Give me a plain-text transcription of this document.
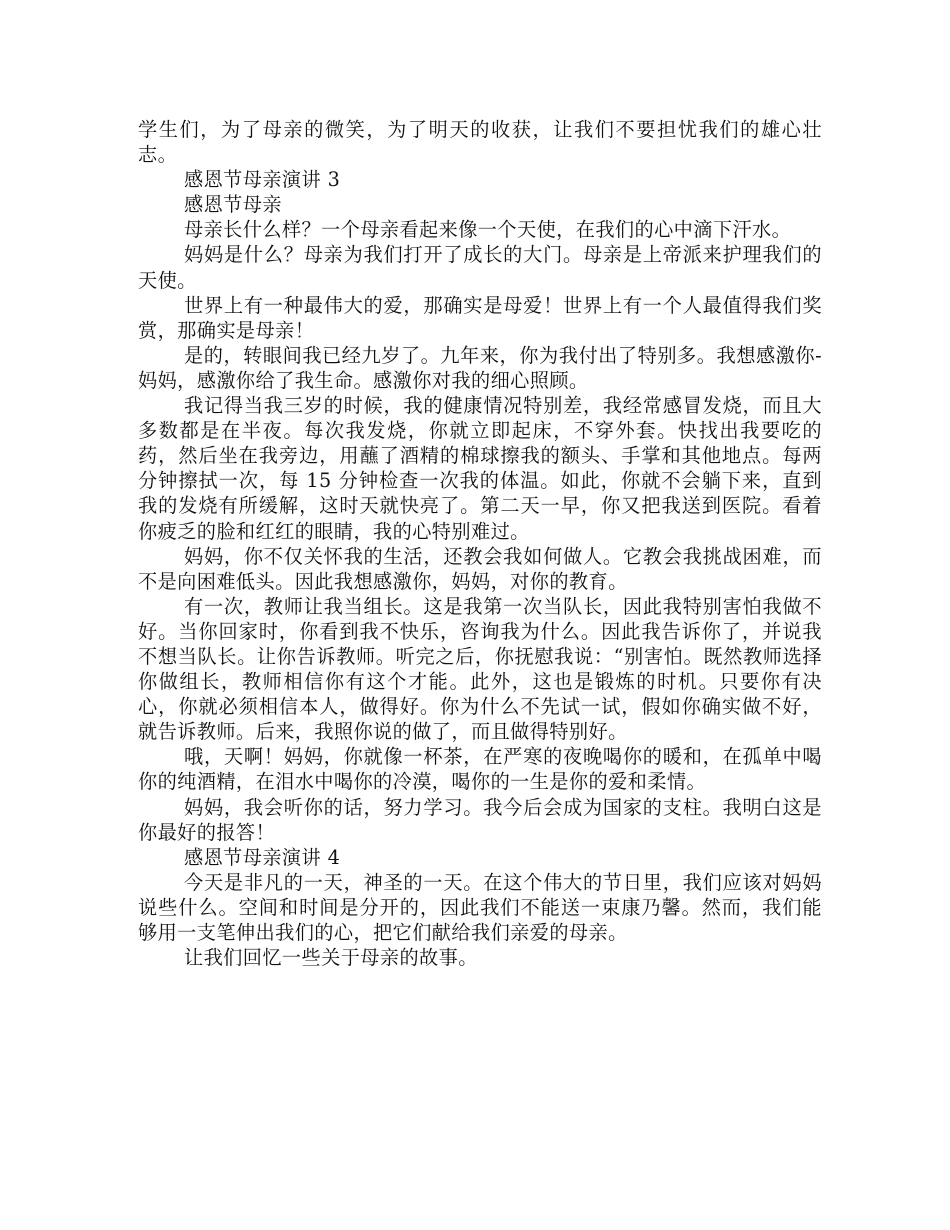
学生们，为了母亲的微笑，为了明天的收获，让我们不要担忧我们的雄心壮志。

感恩节母亲演讲 3

感恩节母亲

母亲长什么样？一个母亲看起来像一个天使，在我们的心中滴下汗水。

妈妈是什么？母亲为我们打开了成长的大门。母亲是上帝派来护理我们的天使。

世界上有一种最伟大的爱，那确实是母爱！世界上有一个人最值得我们奖赏，那确实是母亲！

是的，转眼间我已经九岁了。九年来，你为我付出了特别多。我想感激你-妈妈，感激你给了我生命。感激你对我的细心照顾。

我记得当我三岁的时候，我的健康情况特别差，我经常感冒发烧，而且大多数都是在半夜。每次我发烧，你就立即起床，不穿外套。快找出我要吃的药，然后坐在我旁边，用蘸了酒精的棉球擦我的额头、手掌和其他地点。每两分钟擦拭一次，每 15 分钟检查一次我的体温。如此，你就不会躺下来，直到我的发烧有所缓解，这时天就快亮了。第二天一早，你又把我送到医院。看着你疲乏的脸和红红的眼睛，我的心特别难过。

妈妈，你不仅关怀我的生活，还教会我如何做人。它教会我挑战困难，而不是向困难低头。因此我想感激你，妈妈，对你的教育。

有一次，教师让我当组长。这是我第一次当队长，因此我特别害怕我做不好。当你回家时，你看到我不快乐，咨询我为什么。因此我告诉你了，并说我不想当队长。让你告诉教师。听完之后，你抚慰我说：“别害怕。既然教师选择你做组长，教师相信你有这个才能。此外，这也是锻炼的时机。只要你有决心，你就必须相信本人，做得好。你为什么不先试一试，假如你确实做不好，就告诉教师。后来，我照你说的做了，而且做得特别好。

哦，天啊！妈妈，你就像一杯茶，在严寒的夜晚喝你的暖和，在孤单中喝你的纯酒精，在泪水中喝你的冷漠，喝你的一生是你的爱和柔情。

妈妈，我会听你的话，努力学习。我今后会成为国家的支柱。我明白这是你最好的报答！

感恩节母亲演讲 4

今天是非凡的一天，神圣的一天。在这个伟大的节日里，我们应该对妈妈说些什么。空间和时间是分开的，因此我们不能送一束康乃馨。然而，我们能够用一支笔伸出我们的心，把它们献给我们亲爱的母亲。

让我们回忆一些关于母亲的故事。
